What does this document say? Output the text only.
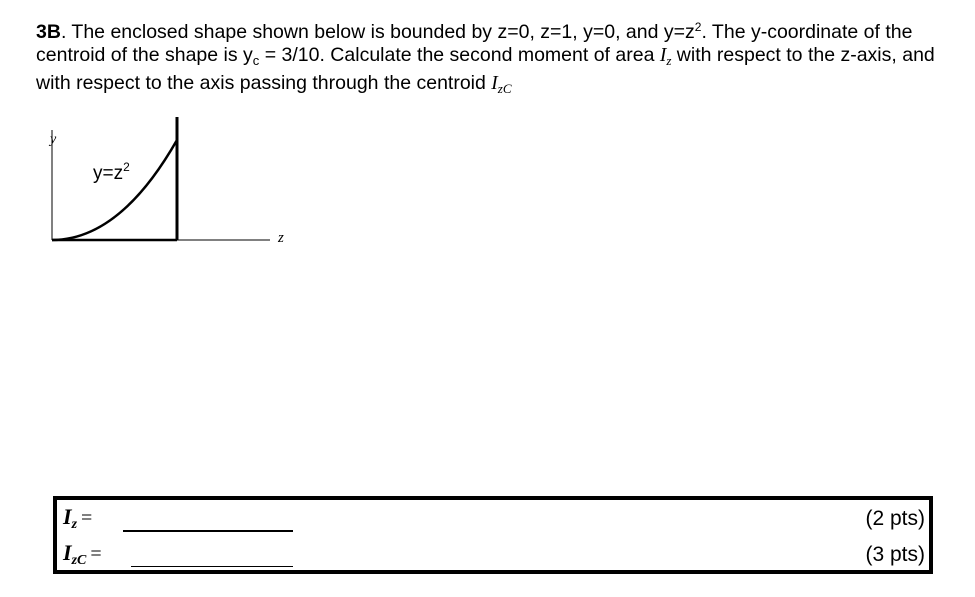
3B. The enclosed shape shown below is bounded by z=0, z=1, y=0, and $y=z^2$. The y-coordinate of the centroid of the shape is $y_c = 3/10$. Calculate the second moment of area $I_z$ with respect to the z-axis, and with respect to the axis passing through the centroid $I_{zC}$
y
z
$y=z^2$
$I_z$ =
$I_{zC}$ =
(2 pts)
(3 pts)
